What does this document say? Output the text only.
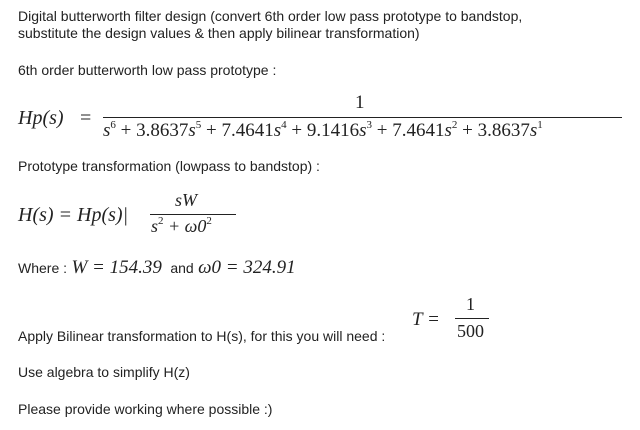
Digital butterworth filter design (convert 6th order low pass prototype to bandstop,

substitute the design values & then apply bilinear transformation)

6th order butterworth low pass prototype :

Hp(s) =
1
$s^6 + 3.8637s^5 + 7.4641s^4 + 9.1416s^3 + 7.4641s^2 + 3.8637s^1$

Prototype transformation (lowpass to bandstop) :

H(s) = Hp(s)|
sW
$s^2 + \omega 0^2$
Where : W = 154.39 and ω0 = 324.91
T =
1
500

Apply Bilinear transformation to H(s), for this you will need :

Use algebra to simplify H(z)

Please provide working where possible :)
